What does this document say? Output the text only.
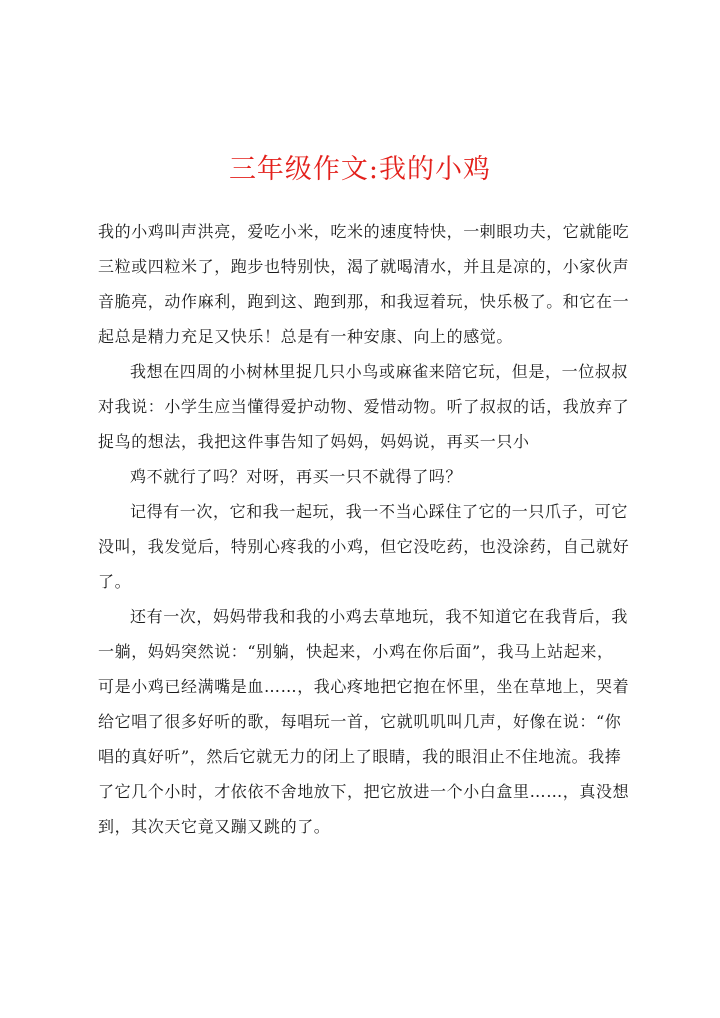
三年级作文:我的小鸡
我的小鸡叫声洪亮，爱吃小米，吃米的速度特快，一剌眼功夫，它就能吃
三粒或四粒米了，跑步也特别快，渴了就喝清水，并且是凉的，小家伙声
音脆亮，动作麻利，跑到这、跑到那，和我逗着玩，快乐极了。和它在一
起总是精力充足又快乐！总是有一种安康、向上的感觉。
我想在四周的小树林里捉几只小鸟或麻雀来陪它玩，但是，一位叔叔
对我说：小学生应当懂得爱护动物、爱惜动物。听了叔叔的话，我放弃了
捉鸟的想法，我把这件事告知了妈妈，妈妈说，再买一只小
鸡不就行了吗？对呀，再买一只不就得了吗？
记得有一次，它和我一起玩，我一不当心踩住了它的一只爪子，可它
没叫，我发觉后，特别心疼我的小鸡，但它没吃药，也没涂药，自己就好
了。
还有一次，妈妈带我和我的小鸡去草地玩，我不知道它在我背后，我
一躺，妈妈突然说：“别躺，快起来，小鸡在你后面”，我马上站起来，
可是小鸡已经满嘴是血……，我心疼地把它抱在怀里，坐在草地上，哭着
给它唱了很多好听的歌，每唱玩一首，它就叽叽叫几声，好像在说：“你
唱的真好听”，然后它就无力的闭上了眼睛，我的眼泪止不住地流。我捧
了它几个小时，才依依不舍地放下，把它放进一个小白盒里……，真没想
到，其次天它竟又蹦又跳的了。
